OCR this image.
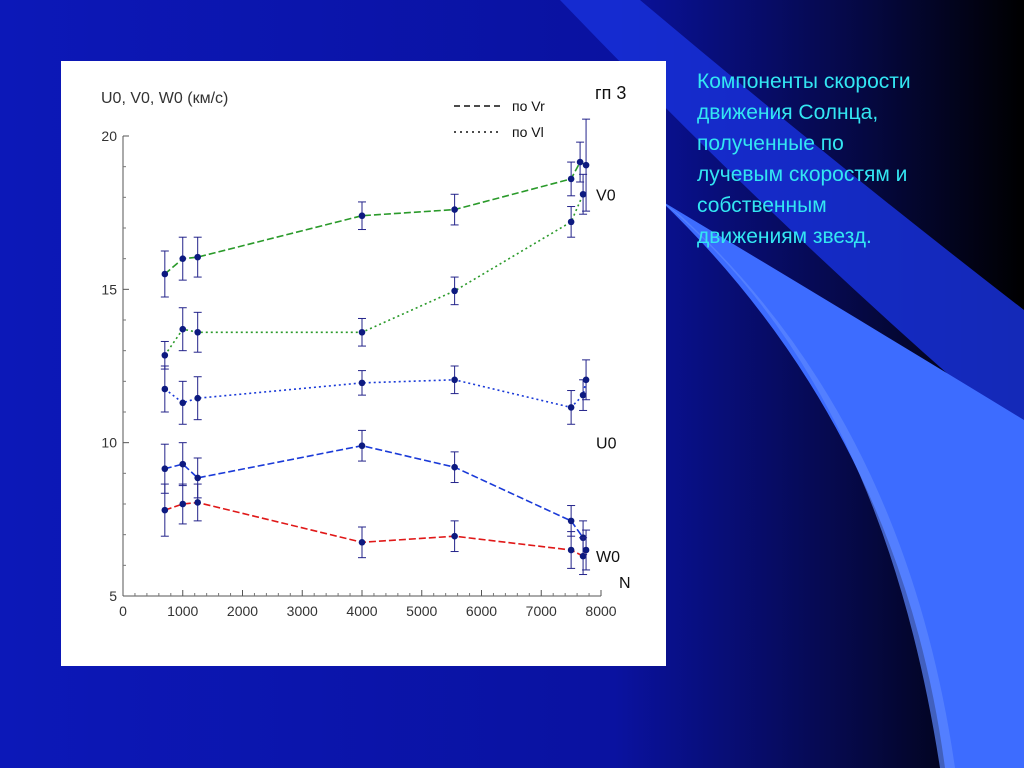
0	1000 2000 3000 4000 5000 6000 7000 8000
5
10
15
20
U0, V0, W0 (км/с)	гп 3
N
по Vr
по Vl
V0
U0
W0
Компоненты скорости
движения Солнца,
полученные по
лучевым скоростям и
собственным
движениям звезд.
